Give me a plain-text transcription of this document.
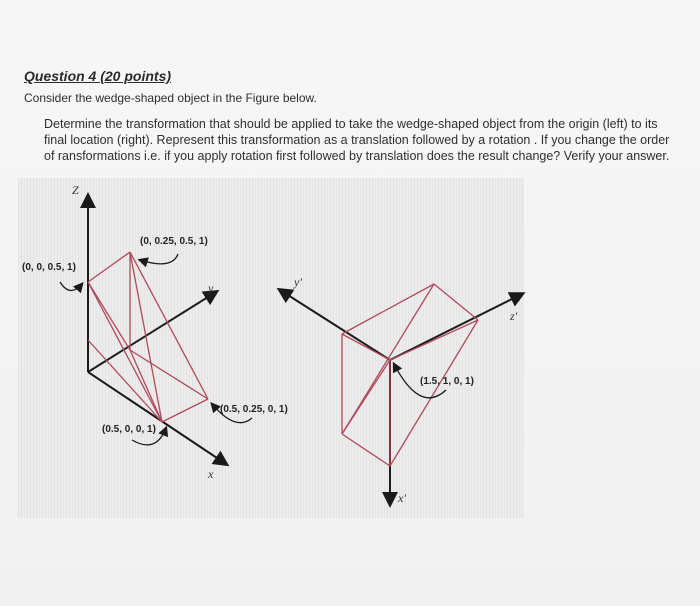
Question 4 (20 points)
Consider the wedge-shaped object in the Figure below.
Determine the transformation that should be applied to take the wedge-shaped object from the origin (left) to its final location (right). Represent this transformation as a translation followed by a rotation . If you change the order of ransformations i.e. if you apply rotation first followed by translation does the result change? Verify your answer.
Z
y
x
(0, 0, 0.5, 1)
(0, 0.25, 0.5, 1)
(0.5, 0, 0, 1)
(0.5, 0.25, 0, 1)
y'
z'
x'
(1.5, 1, 0, 1)
